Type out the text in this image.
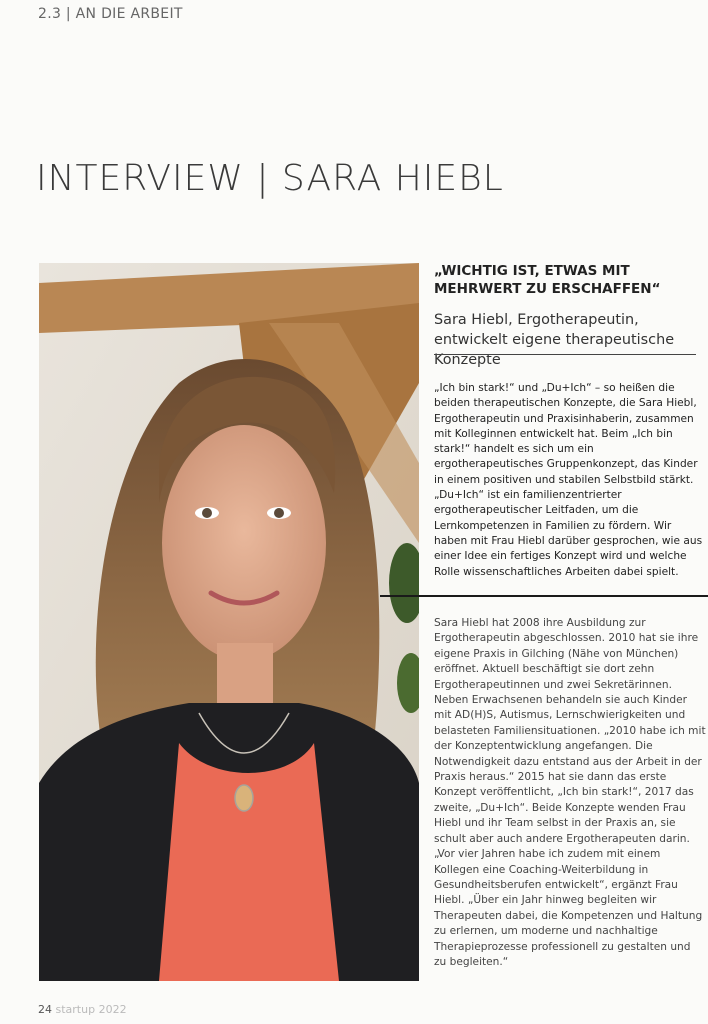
2.3 | AN DIE ARBEIT
INTERVIEW | SARA HIEBL

„WICHTIG IST, ETWAS MIT MEHRWERT ZU ERSCHAFFEN“

Sara Hiebl, Ergotherapeutin, entwickelt eigene therapeutische Konzepte

„Ich bin stark!“ und „Du+Ich“ – so heißen die beiden therapeutischen Konzepte, die Sara Hiebl, Ergotherapeutin und Praxisinhaberin, zusammen mit Kolleginnen entwickelt hat. Beim „Ich bin stark!“ handelt es sich um ein ergotherapeutisches Gruppenkonzept, das Kinder in einem positiven und stabilen Selbstbild stärkt. „Du+Ich“ ist ein familienzentrierter ergotherapeutischer Leitfaden, um die Lernkompetenzen in Familien zu fördern. Wir haben mit Frau Hiebl darüber gesprochen, wie aus einer Idee ein fertiges Konzept wird und welche Rolle wissenschaftliches Arbeiten dabei spielt.

Sara Hiebl hat 2008 ihre Ausbildung zur Ergotherapeutin abgeschlossen. 2010 hat sie ihre eigene Praxis in Gilching (Nähe von München) eröffnet. Aktuell beschäftigt sie dort zehn Ergotherapeutinnen und zwei Sekretärinnen. Neben Erwachsenen behandeln sie auch Kinder mit AD(H)S, Autismus, Lernschwierigkeiten und belasteten Familiensituationen. „2010 habe ich mit der Konzeptentwicklung angefangen. Die Notwendigkeit dazu entstand aus der Arbeit in der Praxis heraus.“ 2015 hat sie dann das erste Konzept veröffentlicht, „Ich bin stark!“, 2017 das zweite, „Du+Ich“. Beide Konzepte wenden Frau Hiebl und ihr Team selbst in der Praxis an, sie schult aber auch andere Ergotherapeuten darin.

„Vor vier Jahren habe ich zudem mit einem Kollegen eine Coaching-Weiterbildung in Gesundheitsberufen entwickelt“, ergänzt Frau Hiebl. „Über ein Jahr hinweg begleiten wir Therapeuten dabei, die Kompetenzen und Haltung zu erlernen, um moderne und nachhaltige Therapieprozesse professionell zu gestalten und zu begleiten.“

24 startup 2022
